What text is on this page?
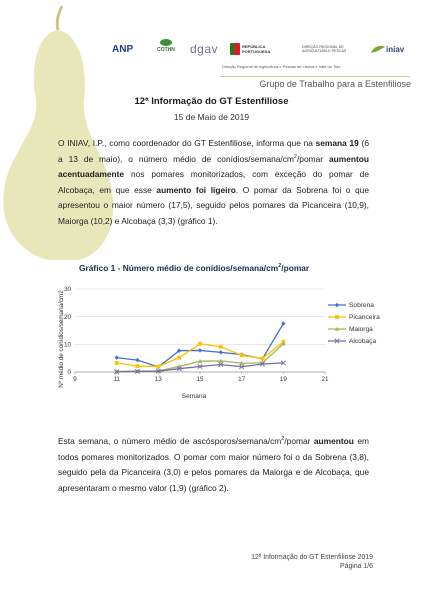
ANP	COTHN dgav	REPÚBLICA
PORTUGUESA
DIREÇÃO REGIONAL DE AGRICULTURA E PESCAS	iniav
Direção Regional de Agricultura e Pescas de Lisboa e Vale do Tejo
Grupo de Trabalho para a Estenfiliose
12ª Informação do GT Estenfiliose
15 de Maio de 2019
O INIAV, I.P., como coordenador do GT Estenfiliose, informa que na semana 19 (6 a 13 de maio), o número médio de conídios/$semana/cm^2$/pomar aumentou acentuadamente nos pomares monitorizados, com exceção do pomar de Alcobaça, em que esse aumento foi ligeiro. O pomar da Sobrena foi o que apresentou o maior número (17,5), seguido pelos pomares da Picanceira (10,9), Maiorga (10,2) e Alcobaça (3,3) (gráfico 1).
Gráfico 1 - Número médio de conídios/$semana/cm^2$/pomar
0
10
20
30
9	11	13	15	17	19	21
Nº médio de conídios/semana/cm2
Semana
Sobrena
Picanceira
Maiorga
Alcobaça
Esta semana, o número médio de ascósporos/$semana/cm^2$/pomar aumentou em todos pomares monitorizados. O pomar com maior número foi o da Sobrena (3,8), seguido pela da Picanceira (3,0) e pelos pomares da Maiorga e de Alcobaça, que apresentaram o mesmo valor (1,9) (gráfico 2).
12ª Informação do GT Estenfiliose 2019
Página 1/6
